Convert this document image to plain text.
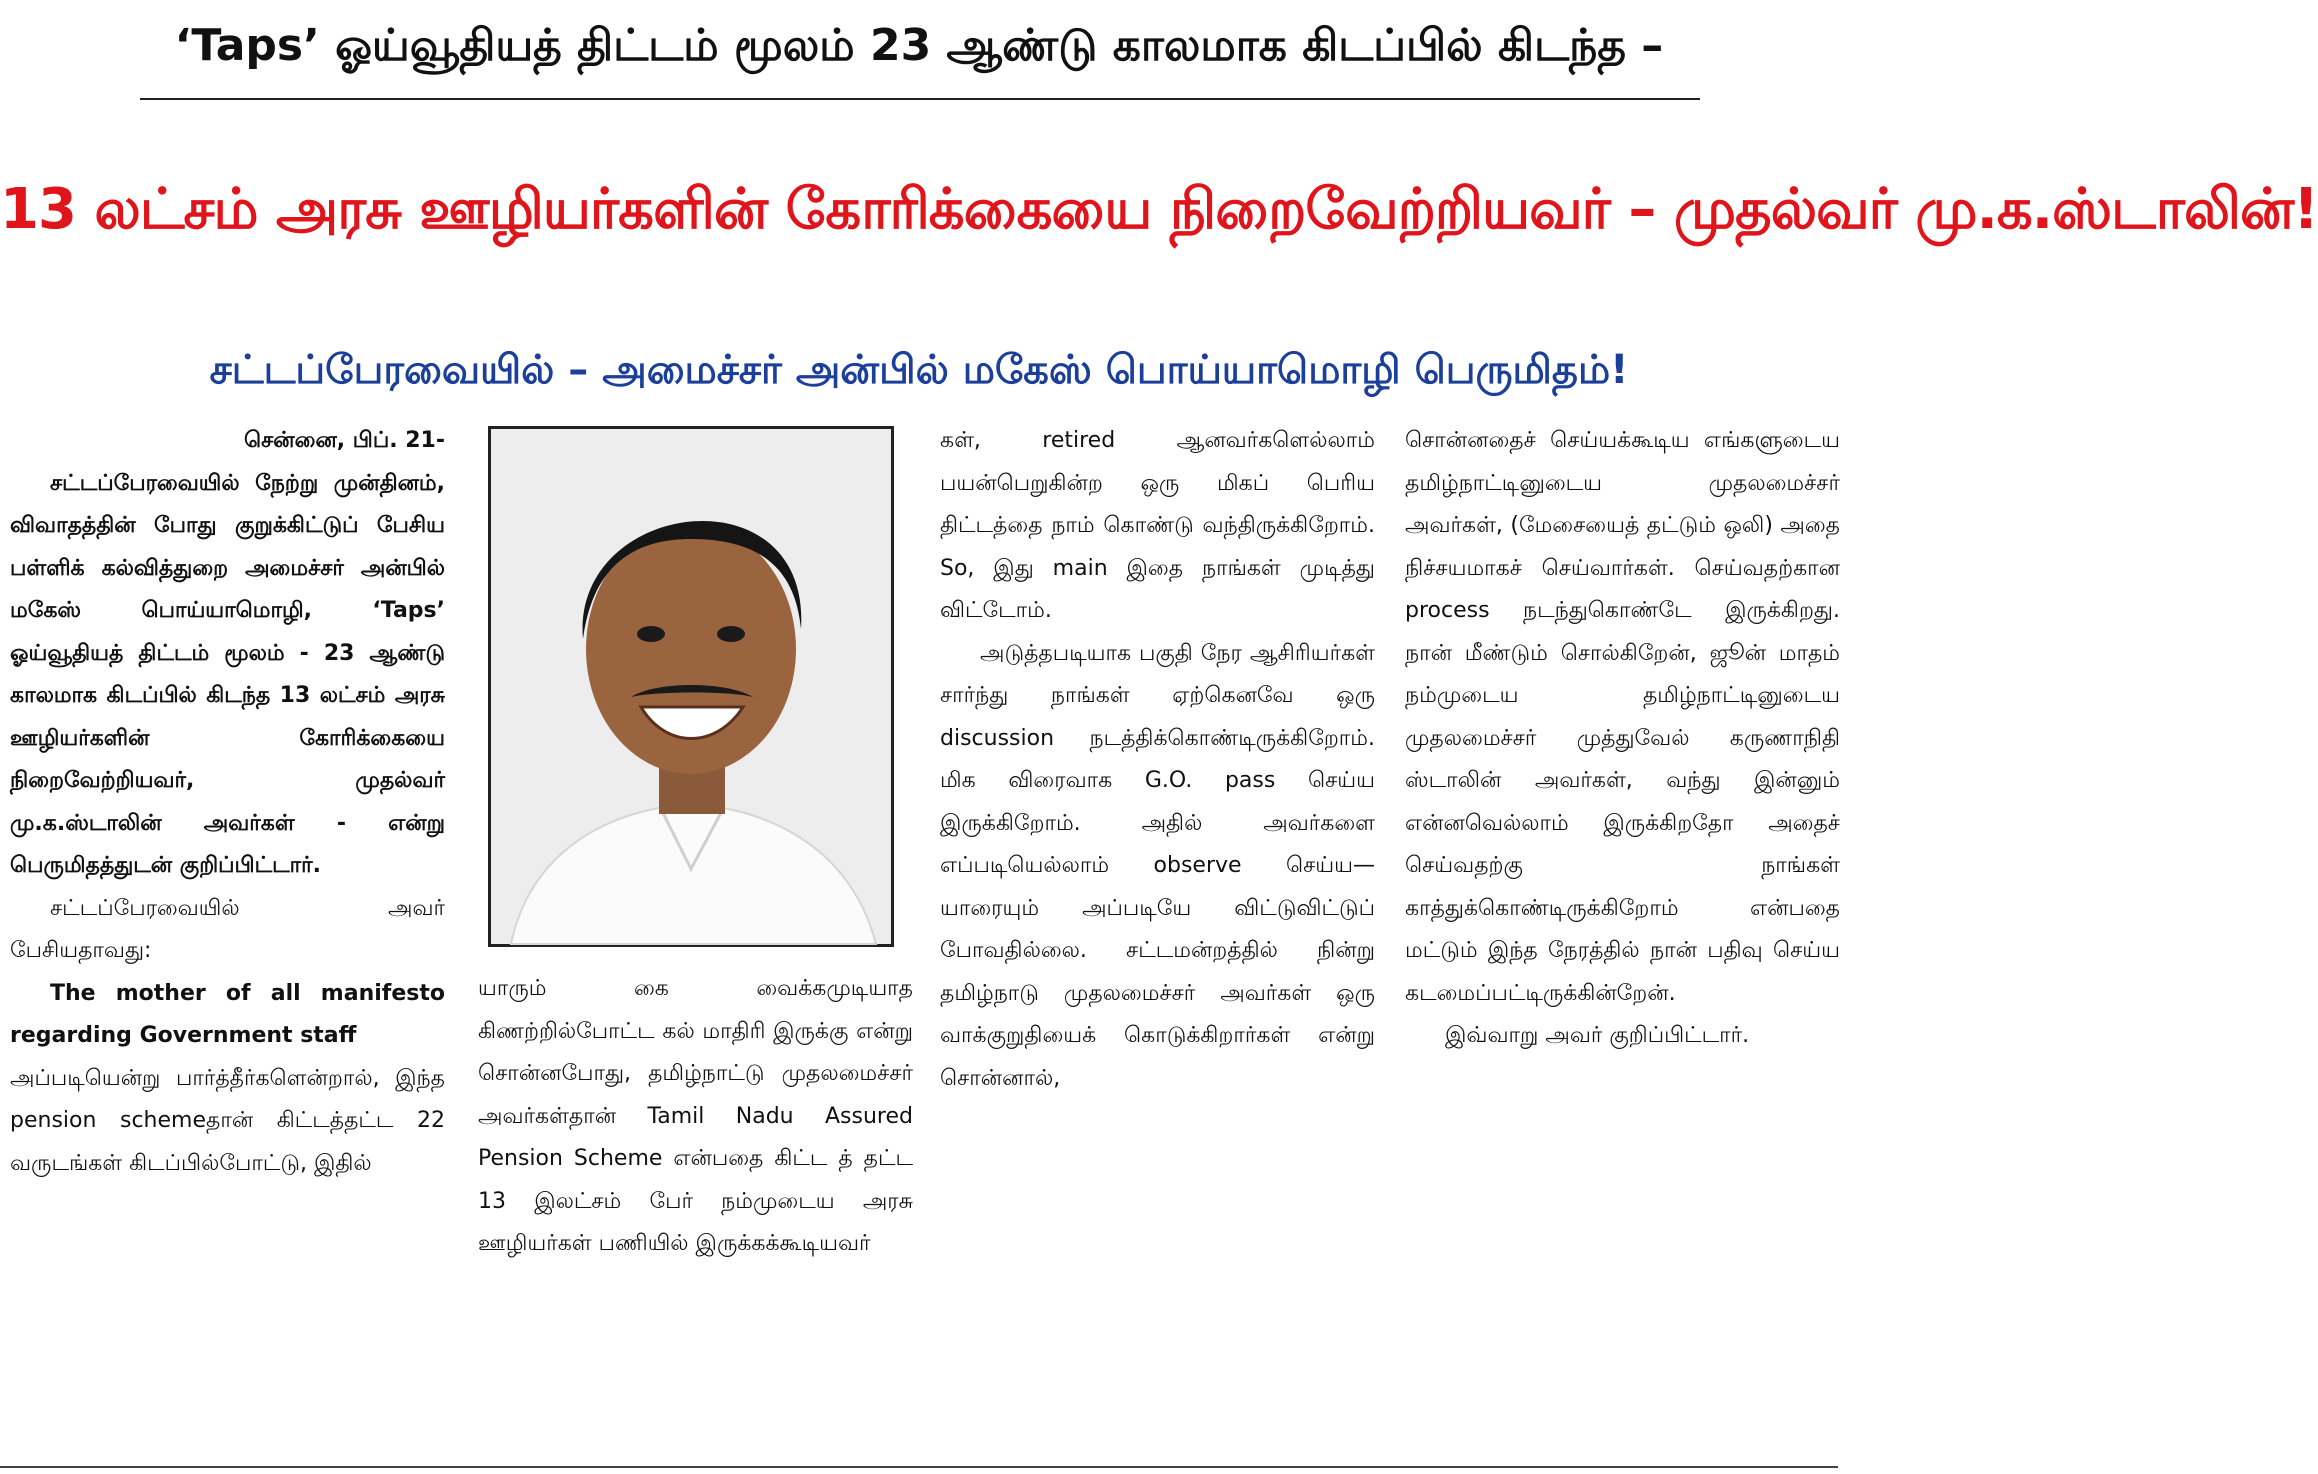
‘Taps’ ஓய்வூதியத் திட்டம் மூலம் 23 ஆண்டு காலமாக கிடப்பில் கிடந்த –
13 லட்சம் அரசு ஊழியர்களின் கோரிக்கையை நிறைவேற்றியவர் – முதல்வர் மு.க.ஸ்டாலின்!
சட்டப்பேரவையில் – அமைச்சர் அன்பில் மகேஸ் பொய்யாமொழி பெருமிதம்!

சென்னை, பிப். 21-

சட்டப்பேரவையில் நேற்று முன்தினம், விவாதத்தின் போது குறுக்கிட்டுப் பேசிய பள்ளிக் கல்வித்துறை அமைச்சர் அன்பில் மகேஸ் பொய்யாமொழி, ‘Taps’ ஓய்வூதியத் திட்டம் மூலம் - 23 ஆண்டு காலமாக கிடப்பில் கிடந்த 13 லட்சம் அரசு ஊழியர்களின் கோரிக்கையை நிறைவேற்றியவர், முதல்வர் மு.க.ஸ்டாலின் அவர்கள் - என்று பெருமிதத்துடன் குறிப்பிட்டார்.

சட்டப்பேரவையில் அவர் பேசியதாவது:

The mother of all manifesto regarding Government staff

அப்படியென்று பார்த்தீர்களென்றால், இந்த pension schemeதான் கிட்டத்தட்ட 22 வருடங்கள் கிடப்பில்போட்டு, இதில்

யாரும் கை வைக்கமுடியாத கிணற்றில்போட்ட கல் மாதிரி இருக்கு என்று சொன்னபோது, தமிழ்நாட்டு முதலமைச்சர் அவர்கள்தான் Tamil Nadu Assured Pension Scheme என்பதை கிட்ட த் தட்ட 13 இலட்சம் பேர் நம்முடைய அரசு ஊழியர்கள் பணியில் இருக்கக்கூடியவர்

கள், retired ஆனவர்களெல்லாம் பயன்பெறுகின்ற ஒரு மிகப் பெரிய திட்டத்தை நாம் கொண்டு வந்திருக்கிறோம். So, இது main இதை நாங்கள் முடித்து விட்டோம்.

அடுத்தபடியாக பகுதி நேர ஆசிரியர்கள் சார்ந்து நாங்கள் ஏற்கெனவே ஒரு discussion நடத்திக்கொண்டிருக்கிறோம். மிக விரைவாக G.O. pass செய்ய இருக்கிறோம். அதில் அவர்களை எப்படியெல்லாம் observe செய்ய—யாரையும் அப்படியே விட்டுவிட்டுப் போவதில்லை. சட்டமன்றத்தில் நின்று தமிழ்நாடு முதலமைச்சர் அவர்கள் ஒரு வாக்குறுதியைக் கொடுக்கிறார்கள் என்று சொன்னால்,

சொன்னதைச் செய்யக்கூடிய எங்களுடைய தமிழ்நாட்டினுடைய முதலமைச்சர் அவர்கள், (மேசையைத் தட்டும் ஒலி) அதை நிச்சயமாகச் செய்வார்கள். செய்வதற்கான process நடந்துகொண்டே இருக்கிறது. நான் மீண்டும் சொல்கிறேன், ஜூன் மாதம் நம்முடைய தமிழ்நாட்டினுடைய முதலமைச்சர் முத்துவேல் கருணாநிதி ஸ்டாலின் அவர்கள், வந்து இன்னும் என்னவெல்லாம் இருக்கிறதோ அதைச் செய்வதற்கு நாங்கள் காத்துக்கொண்டிருக்கிறோம் என்பதை மட்டும் இந்த நேரத்தில் நான் பதிவு செய்ய கடமைப்பட்டிருக்கின்றேன்.

இவ்வாறு அவர் குறிப்பிட்டார்.
